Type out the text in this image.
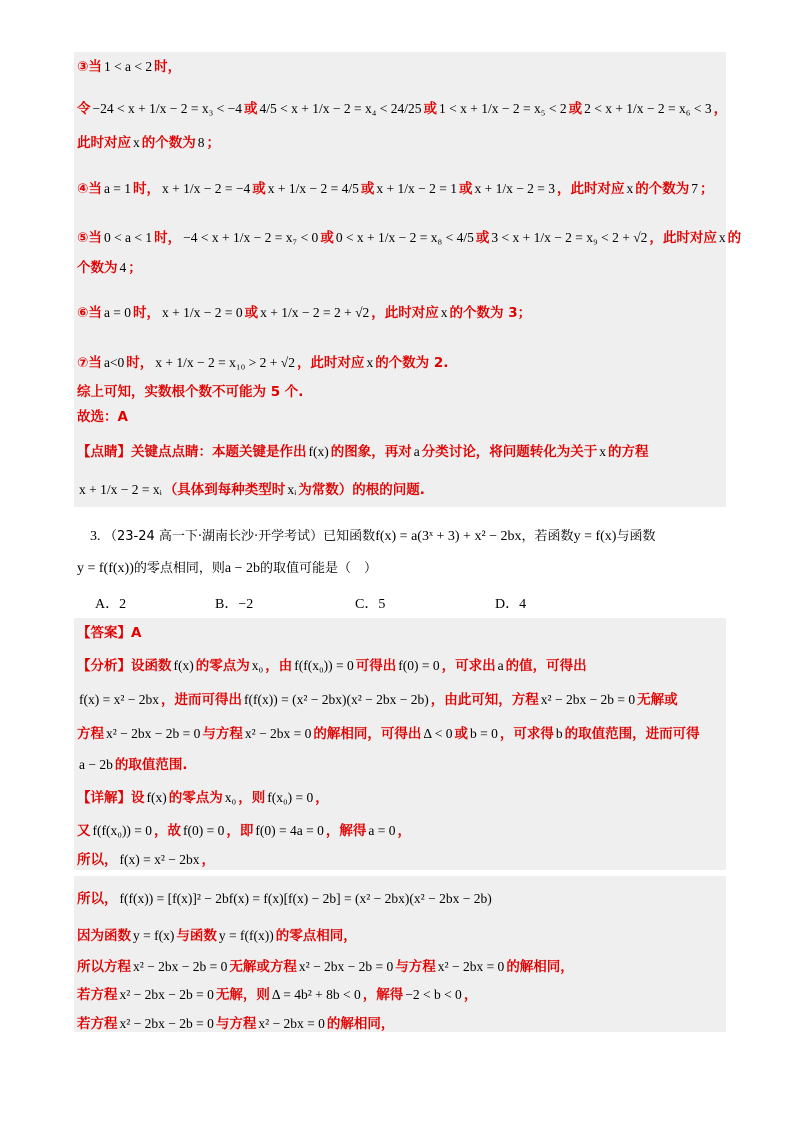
③当 1 < a < 2 时，
令 −24 < x + 1/x − 2 = x₃ < −4 或 4/5 < x + 1/x − 2 = x₄ < 24/25 或 1 < x + 1/x − 2 = x₅ < 2 或 2 < x + 1/x − 2 = x₆ < 3 ，
此时对应 x 的个数为 8 ；
④当 a = 1 时， x + 1/x − 2 = −4 或 x + 1/x − 2 = 4/5 或 x + 1/x − 2 = 1 或 x + 1/x − 2 = 3 ，此时对应 x 的个数为 7 ；
⑤当 0 < a < 1 时， −4 < x + 1/x − 2 = x₇ < 0 或 0 < x + 1/x − 2 = x₈ < 4/5 或 3 < x + 1/x − 2 = x₉ < 2 + √2 ，此时对应 x 的
个数为 4 ；
⑥当 a = 0 时， x + 1/x − 2 = 0 或 x + 1/x − 2 = 2 + √2 ，此时对应 x 的个数为 3；
⑦当 a<0 时， x + 1/x − 2 = x₁₀ > 2 + √2 ，此时对应 x 的个数为 2.
综上可知，实数根个数不可能为 5 个.
故选：A
【点睛】关键点点睛：本题关键是作出 f(x) 的图象，再对 a 分类讨论，将问题转化为关于 x 的方程
x + 1/x − 2 = xᵢ （具体到每种类型时 xᵢ 为常数）的根的问题.
3. （23-24 高一下·湖南长沙·开学考试）已知函数f(x) = a(3ˣ + 3) + x² − 2bx，若函数y = f(x)与函数
y = f(f(x))的零点相同，则a − 2b的取值可能是（　）
A．2	B．−2	C．5	D．4
【答案】A
【分析】设函数 f(x) 的零点为 x₀ ，由 f(f(x₀)) = 0 可得出 f(0) = 0 ，可求出 a 的值，可得出
f(x) = x² − 2bx ，进而可得出 f(f(x)) = (x² − 2bx)(x² − 2bx − 2b) ，由此可知，方程 x² − 2bx − 2b = 0 无解或
方程 x² − 2bx − 2b = 0 与方程 x² − 2bx = 0 的解相同，可得出 Δ < 0 或 b = 0 ，可求得 b 的取值范围，进而可得
a − 2b 的取值范围.
【详解】设 f(x) 的零点为 x₀ ，则 f(x₀) = 0 ，
又 f(f(x₀)) = 0 ，故 f(0) = 0 ，即 f(0) = 4a = 0 ，解得 a = 0 ，
所以， f(x) = x² − 2bx ，
所以， f(f(x)) = [f(x)]² − 2bf(x) = f(x)[f(x) − 2b] = (x² − 2bx)(x² − 2bx − 2b)
因为函数 y = f(x) 与函数 y = f(f(x)) 的零点相同，
所以方程 x² − 2bx − 2b = 0 无解或方程 x² − 2bx − 2b = 0 与方程 x² − 2bx = 0 的解相同，
若方程 x² − 2bx − 2b = 0 无解，则 Δ = 4b² + 8b < 0 ，解得 −2 < b < 0 ，
若方程 x² − 2bx − 2b = 0 与方程 x² − 2bx = 0 的解相同，
